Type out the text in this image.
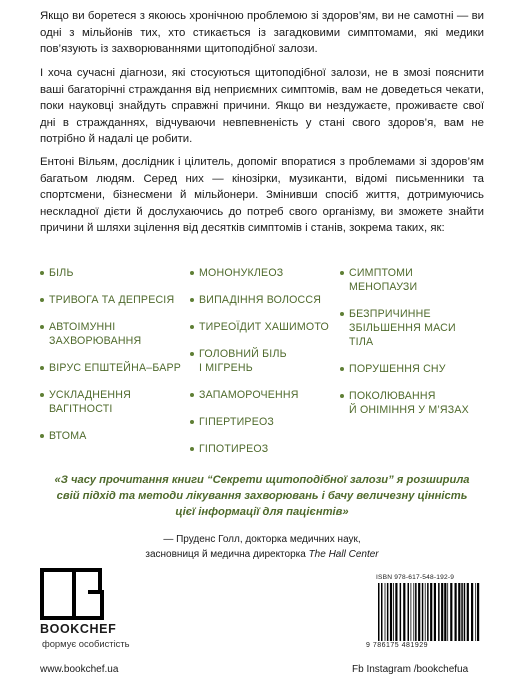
Якщо ви боретеся з якоюсь хронічною проблемою зі здоров’ям, ви не самотні — ви одні з мільйонів тих, хто стикається із загадковими симптомами, які медики пов’язують із захворюваннями щитоподібної залози.

І хоча сучасні діагнози, які стосуються щитоподібної залози, не в змозі пояснити ваші багаторічні страждання від неприємних симптомів, вам не доведеться чекати, поки науковці знайдуть справжні причини. Якщо ви нездужаєте, проживаєте свої дні в стражданнях, відчуваючи невпевненість у стані свого здоров’я, вам не потрібно й надалі це робити.

Ентоні Вільям, дослідник і цілитель, допоміг впоратися з проблемами зі здоров’ям багатьом людям. Серед них — кінозірки, музиканти, відомі письменники та спортсмени, бізнесмени й мільйонери. Змінивши спосіб життя, дотримуючись нескладної дієти й дослухаючись до потреб свого організму, ви зможете знайти причини й шляхи зцілення від десятків симптомів і станів, зокрема таких, як:

БІЛЬ
ТРИВОГА ТА ДЕПРЕСІЯ
АВТОІМУННІ
ЗАХВОРЮВАННЯ
ВІРУС ЕПШТЕЙНА–БАРР
УСКЛАДНЕННЯ
ВАГІТНОСТІ
ВТОМА
МОНОНУКЛЕОЗ
ВИПАДІННЯ ВОЛОССЯ
ТИРЕОЇДИТ ХАШИМОТО
ГОЛОВНИЙ БІЛЬ
І МІГРЕНЬ
ЗАПАМОРОЧЕННЯ
ГІПЕРТИРЕОЗ
ГІПОТИРЕОЗ
СИМПТОМИ
МЕНОПАУЗИ
БЕЗПРИЧИННЕ
ЗБІЛЬШЕННЯ МАСИ
ТІЛА
ПОРУШЕННЯ СНУ
ПОКОЛЮВАННЯ
Й ОНІМІННЯ У М’ЯЗАХ

«З часу прочитання книги “Секрети щитоподібної залози” я розширила свій підхід та методи лікування захворювань і бачу величезну цінність цієї інформації для пацієнтів»

— Пруденс Голл, докторка медичних наук,
засновниця й медична директорка The Hall Center

BOOKCHEF
формує особистість
www.bookchef.ua	Fb Instagram /bookchefua
ISBN 978-617-548-192-9
9 786175 481929
